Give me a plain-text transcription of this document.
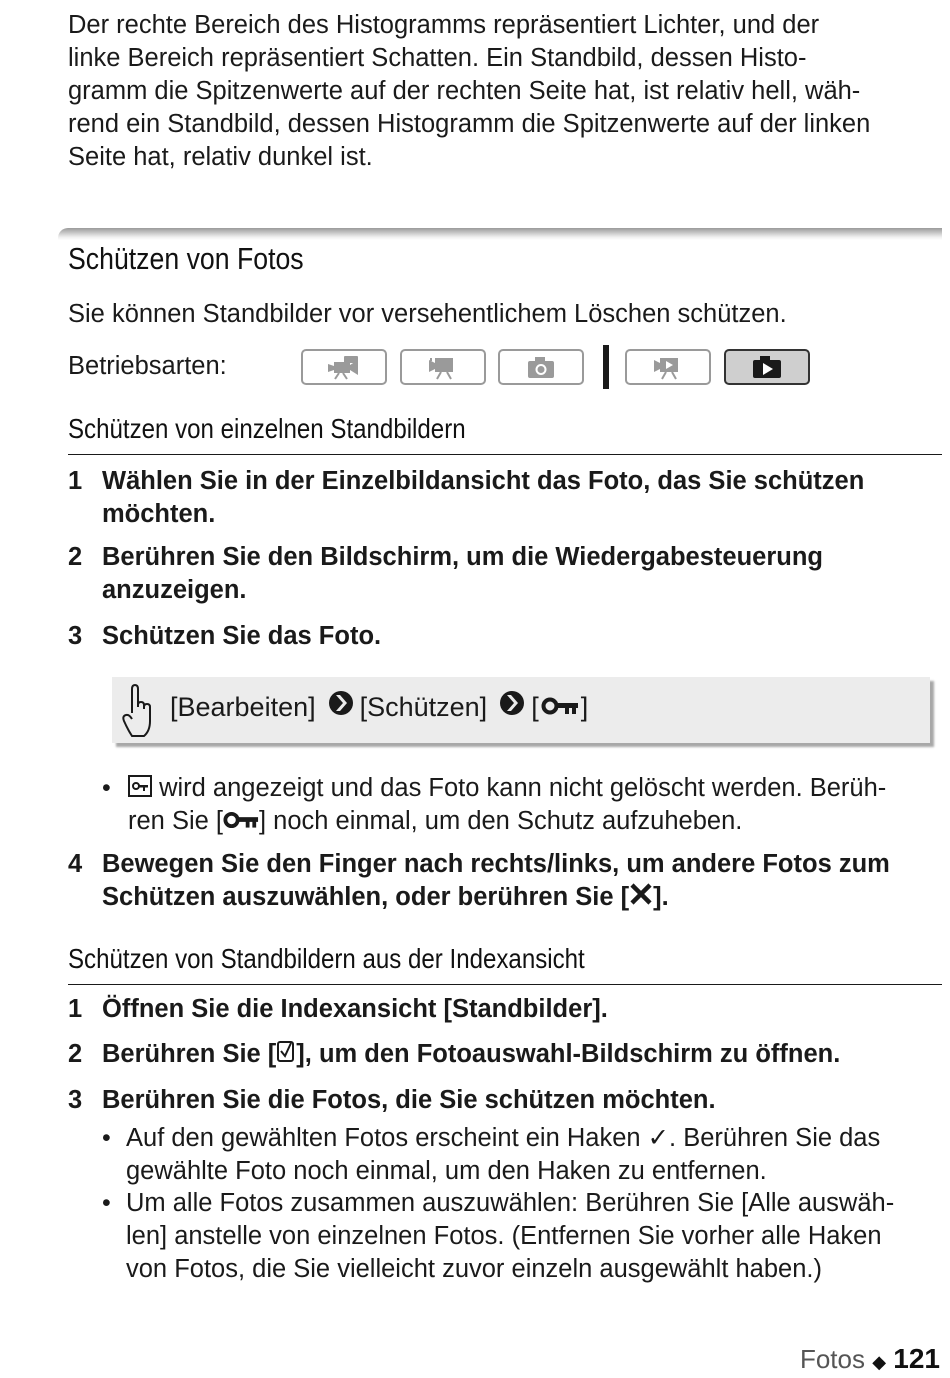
Der rechte Bereich des Histogramms repräsentiert Lichter, und der
linke Bereich repräsentiert Schatten. Ein Standbild, dessen Histo-
gramm die Spitzenwerte auf der rechten Seite hat, ist relativ hell, wäh-
rend ein Standbild, dessen Histogramm die Spitzenwerte auf der linken
Seite hat, relativ dunkel ist.
Schützen von Fotos
Sie können Standbilder vor versehentlichem Löschen schützen.
Betriebsarten:
Schützen von einzelnen Standbildern
1 Wählen Sie in der Einzelbildansicht das Foto, das Sie schützen
möchten.
2 Berühren Sie den Bildschirm, um die Wiedergabesteuerung
anzuzeigen.
3 Schützen Sie das Foto.
[Bearbeiten] [Schützen] [ ]
•	wird angezeigt und das Foto kann nicht gelöscht werden. Berüh-
ren Sie [ ] noch einmal, um den Schutz aufzuheben.
4 Bewegen Sie den Finger nach rechts/links, um andere Fotos zum
Schützen auszuwählen, oder berühren Sie [ ].
Schützen von Standbildern aus der Indexansicht
1 Öffnen Sie die Indexansicht [Standbilder].
2 Berühren Sie [ ], um den Fotoauswahl-Bildschirm zu öffnen.
3 Berühren Sie die Fotos, die Sie schützen möchten.
• Auf den gewählten Fotos erscheint ein Haken ✓. Berühren Sie das
gewählte Foto noch einmal, um den Haken zu entfernen.
• Um alle Fotos zusammen auszuwählen: Berühren Sie [Alle auswäh-
len] anstelle von einzelnen Fotos. (Entfernen Sie vorher alle Haken
von Fotos, die Sie vielleicht zuvor einzeln ausgewählt haben.)
Fotos ◆ 121
